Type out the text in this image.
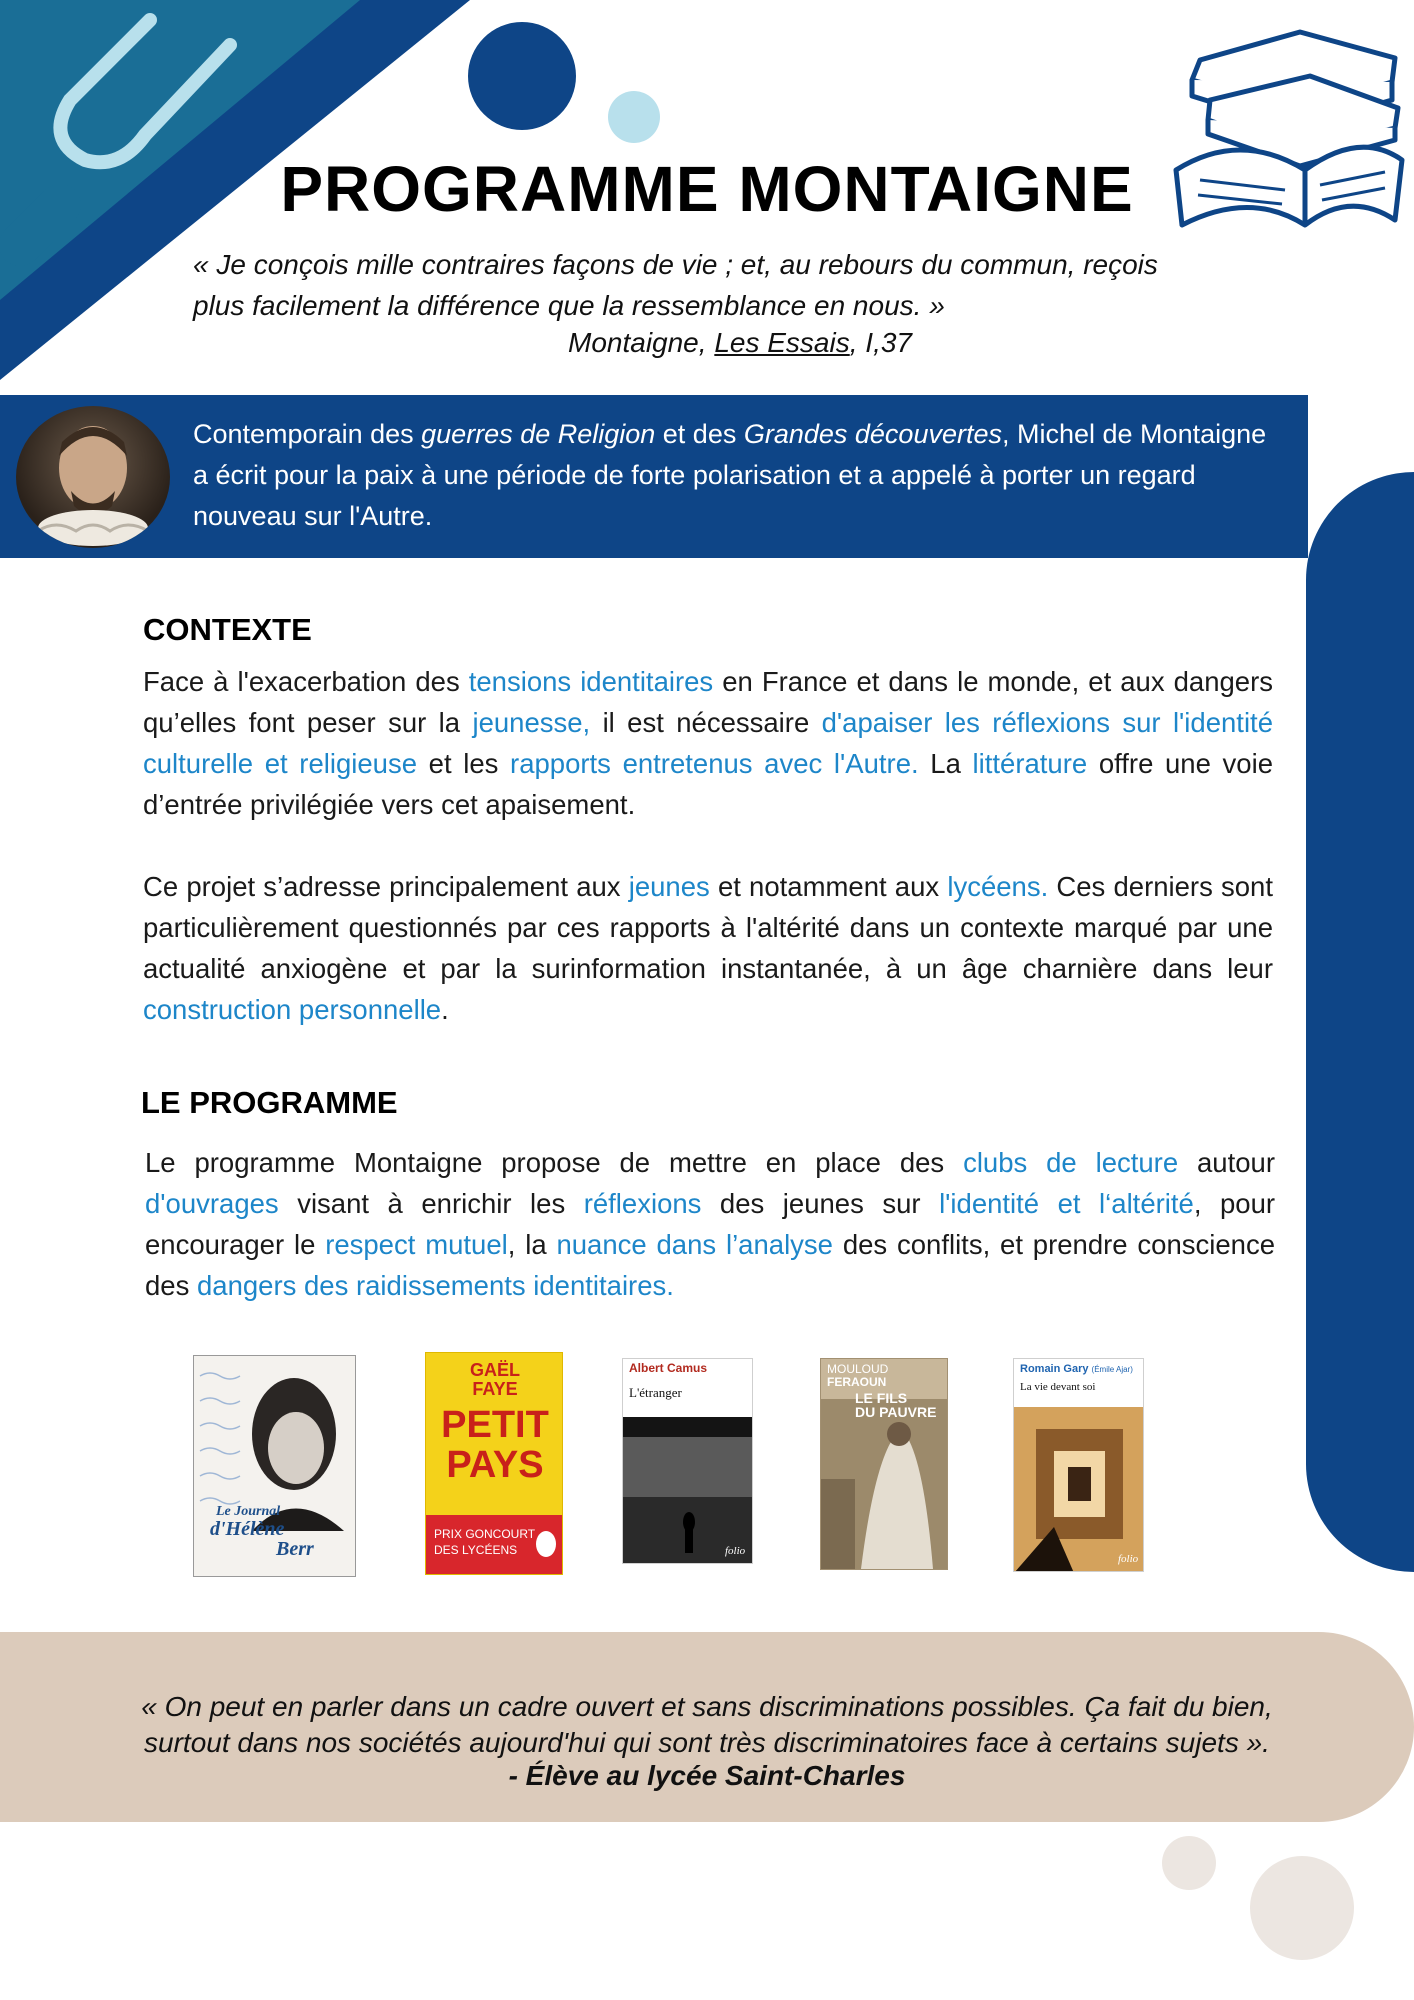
PROGRAMME MONTAIGNE
« Je conçois mille contraires façons de vie ; et, au rebours du commun, reçois
plus facilement la différence que la ressemblance en nous. »
Montaigne, Les Essais, I,37
Contemporain des guerres de Religion et des Grandes découvertes, Michel de Montaigne a écrit pour la paix à une période de forte polarisation et a appelé à porter un regard nouveau sur l'Autre.
CONTEXTE
Face à l'exacerbation des tensions identitaires en France et dans le monde, et aux dangers qu’elles font peser sur la jeunesse, il est nécessaire d'apaiser les réflexions sur l'identité culturelle et religieuse et les rapports entretenus avec l'Autre. La littérature offre une voie d’entrée privilégiée vers cet apaisement.
Ce projet s’adresse principalement aux jeunes et notamment aux lycéens. Ces derniers sont particulièrement questionnés par ces rapports à l'altérité dans un contexte marqué par une actualité anxiogène et par la surinformation instantanée, à un âge charnière dans leur construction personnelle.
LE PROGRAMME
Le programme Montaigne propose de mettre en place des clubs de lecture autour d'ouvrages visant à enrichir les réflexions des jeunes sur l'identité et l‘altérité, pour encourager le respect mutuel, la nuance dans l’analyse des conflits, et prendre conscience des dangers des raidissements identitaires.
Le Journal
d'Hélène
Berr
GAËL
FAYE
PETIT
PAYS
PRIX GONCOURT
DES LYCÉENS
Albert Camus
L'étranger
folio
MOULOUD
FERAOUN
LE FILS
DU PAUVRE
Romain Gary (Émile Ajar)
La vie devant soi
folio
« On peut en parler dans un cadre ouvert et sans discriminations possibles. Ça fait du bien,
surtout dans nos sociétés aujourd'hui qui sont très discriminatoires face à certains sujets ».
- Élève au lycée Saint-Charles
